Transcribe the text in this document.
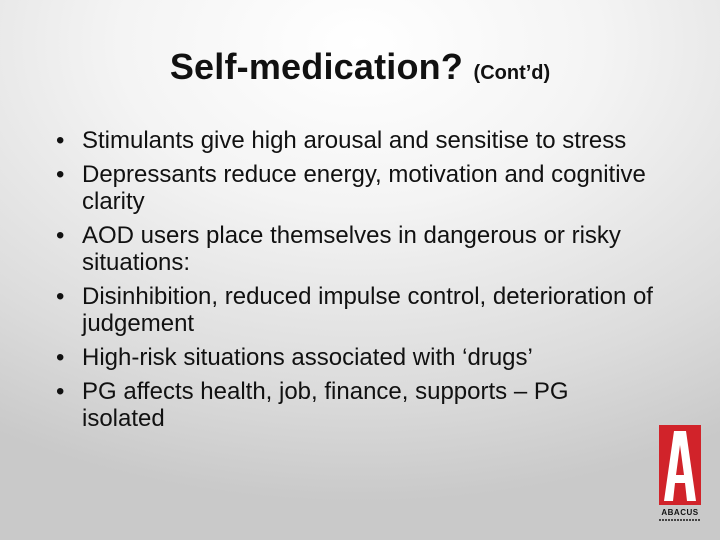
Self-medication? (Cont’d)
• Stimulants give high arousal and sensitise to stress
• Depressants reduce energy, motivation and cognitive clarity
• AOD users place themselves in dangerous or risky situations:
• Disinhibition, reduced impulse control, deterioration of judgement
• High-risk situations associated with ‘drugs’
• PG affects health, job, finance, supports – PG isolated
ABACUS
